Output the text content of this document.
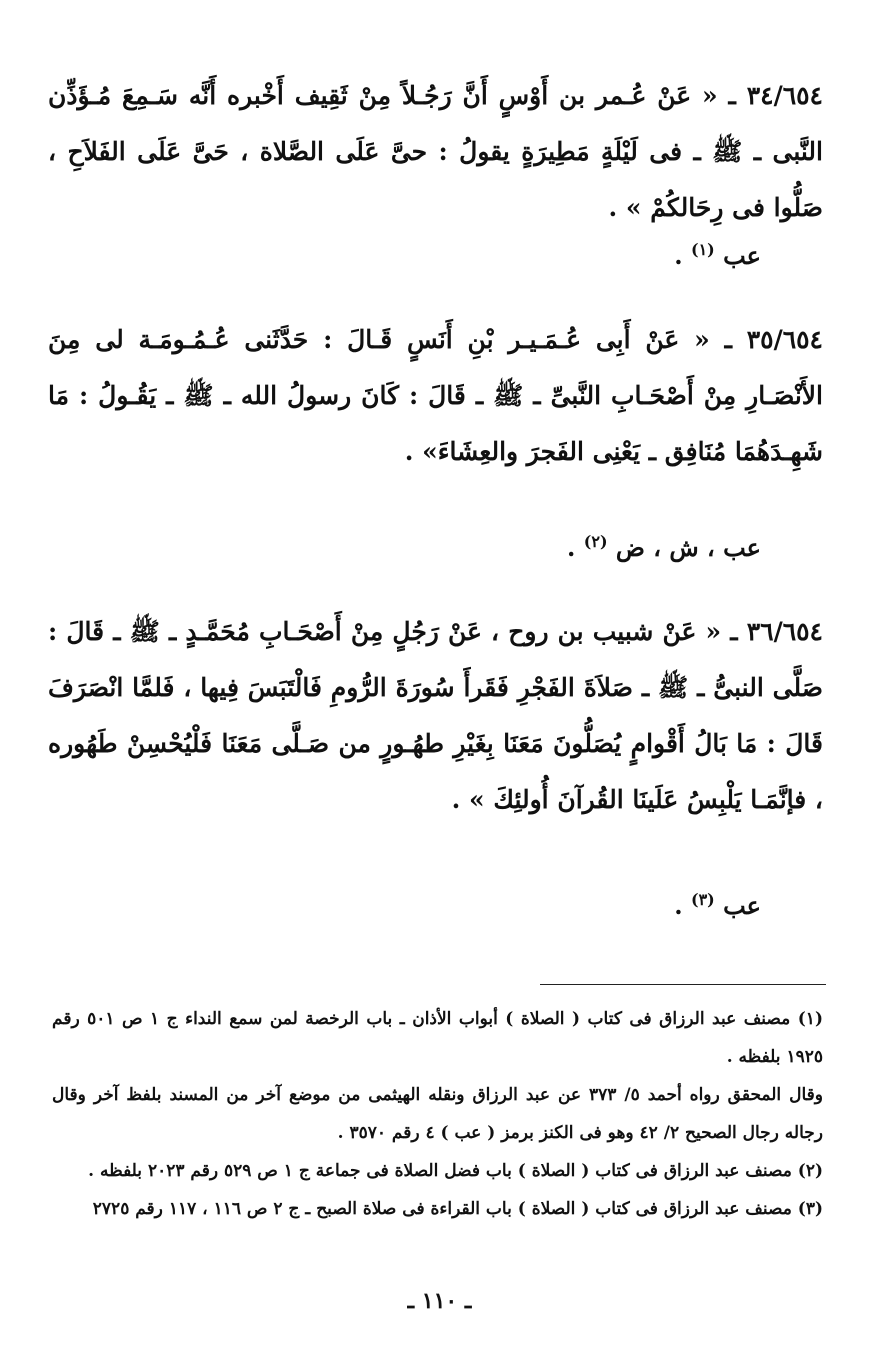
٣٤/٦٥٤ ـ « عَنْ عُـمر بن أَوْسٍ أَنَّ رَجُـلاً مِنْ ثَقِيف أَخْبره أَنَّه سَـمِعَ مُـؤَذِّن النَّبى ـ ﷺ ـ فى لَيْلَةٍ مَطِيرَةٍ يقولُ : حىَّ عَلَى الصَّلاة ، حَىَّ عَلَى الفَلاَحِ ، صَلُّوا فى رِحَالكُمْ » .

عب $^{(١)}$ .

٣٥/٦٥٤ ـ « عَنْ أَبِى عُـمَـيـر بْنِ أَنَسٍ قَـالَ : حَدَّثَنى عُـمُـومَـة لى مِنَ الأَنْصَـارِ مِنْ أَصْحَـابِ النَّبىِّ ـ ﷺ ـ قَالَ : كَانَ رسولُ الله ـ ﷺ ـ يَقُـولُ : مَا شَهِـدَهُمَا مُنَافِق ـ يَعْنِى الفَجرَ والعِشَاءَ» .

عب ، ش ، ض $^{(٢)}$ .

٣٦/٦٥٤ ـ « عَنْ شبيب بن روح ، عَنْ رَجُلٍ مِنْ أَصْحَـابِ مُحَمَّـدٍ ـ ﷺ ـ قَالَ : صَلَّى النبىُّ ـ ﷺ ـ صَلاَةَ الفَجْرِ فَقَرأَ سُورَةَ الرُّومِ فَالْتَبَسَ فِيها ، فَلمَّا انْصَرَفَ قَالَ : مَا بَالُ أَقْوامٍ يُصَلُّونَ مَعَنَا بِغَيْرِ طهُـورٍ من صَـلَّى مَعَنَا فَلْيُحْسِنْ طَهُوره ، فإنَّمَـا يَلْبِسُ عَلَينَا القُرآنَ أُولئِكَ » .

عب $^{(٣)}$ .

(١) مصنف عبد الرزاق فى كتاب ( الصلاة ) أبواب الأذان ـ باب الرخصة لمن سمع النداء ج ١ ص ٥٠١ رقم ١٩٢٥ بلفظه .

وقال المحقق رواه أحمد ٥/ ٣٧٣ عن عبد الرزاق ونقله الهيثمى من موضع آخر من المسند بلفظ آخر وقال رجاله رجال الصحيح ٢/ ٤٢ وهو فى الكنز برمز ( عب ) ٤ رقم ٣٥٧٠ .

(٢) مصنف عبد الرزاق فى كتاب ( الصلاة ) باب فضل الصلاة فى جماعة ج ١ ص ٥٢٩ رقم ٢٠٢٣ بلفظه .

(٣) مصنف عبد الرزاق فى كتاب ( الصلاة ) باب القراءة فى صلاة الصبح ـ ج ٢ ص ١١٦ ، ١١٧ رقم ٢٧٢٥

ـ ١١٠ ـ
